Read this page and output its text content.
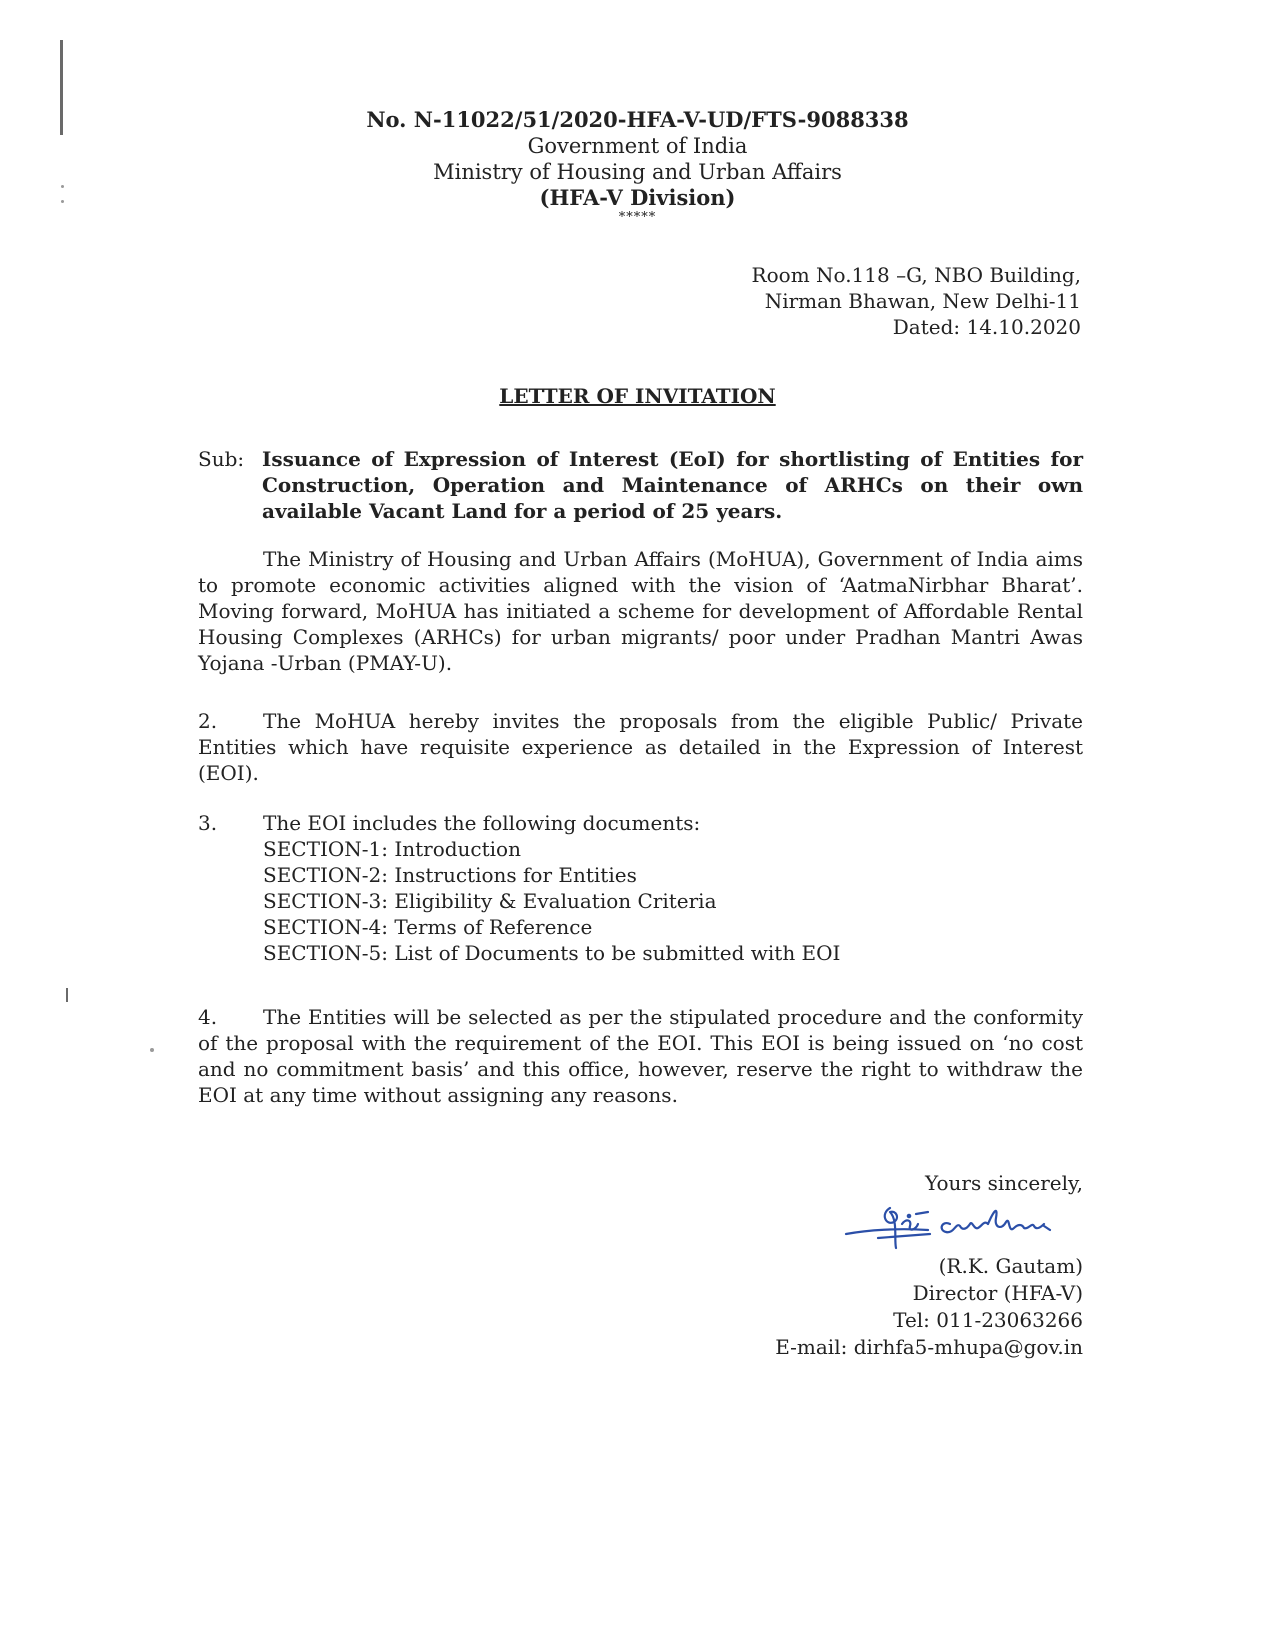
No. N-11022/51/2020-HFA-V-UD/FTS-9088338
Government of India
Ministry of Housing and Urban Affairs
(HFA-V Division)
*****
Room No.118 –G, NBO Building,
Nirman Bhawan, New Delhi-11
Dated: 14.10.2020
LETTER OF INVITATION
Sub: Issuance of Expression of Interest (EoI) for shortlisting of Entities for Construction, Operation and Maintenance of ARHCs on their own available Vacant Land for a period of 25 years.
The Ministry of Housing and Urban Affairs (MoHUA), Government of India aims to promote economic activities aligned with the vision of ‘AatmaNirbhar Bharat’. Moving forward, MoHUA has initiated a scheme for development of Affordable Rental Housing Complexes (ARHCs) for urban migrants/ poor under Pradhan Mantri Awas Yojana -Urban (PMAY-U).
2. The MoHUA hereby invites the proposals from the eligible Public/ Private Entities which have requisite experience as detailed in the Expression of Interest (EOI).
3. The EOI includes the following documents:
SECTION-1: Introduction
SECTION-2: Instructions for Entities
SECTION-3: Eligibility & Evaluation Criteria
SECTION-4: Terms of Reference
SECTION-5: List of Documents to be submitted with EOI
4. The Entities will be selected as per the stipulated procedure and the conformity of the proposal with the requirement of the EOI. This EOI is being issued on ‘no cost and no commitment basis’ and this office, however, reserve the right to withdraw the EOI at any time without assigning any reasons.
Yours sincerely,
(R.K. Gautam)
Director (HFA-V)
Tel: 011-23063266
E-mail: dirhfa5-mhupa@gov.in
